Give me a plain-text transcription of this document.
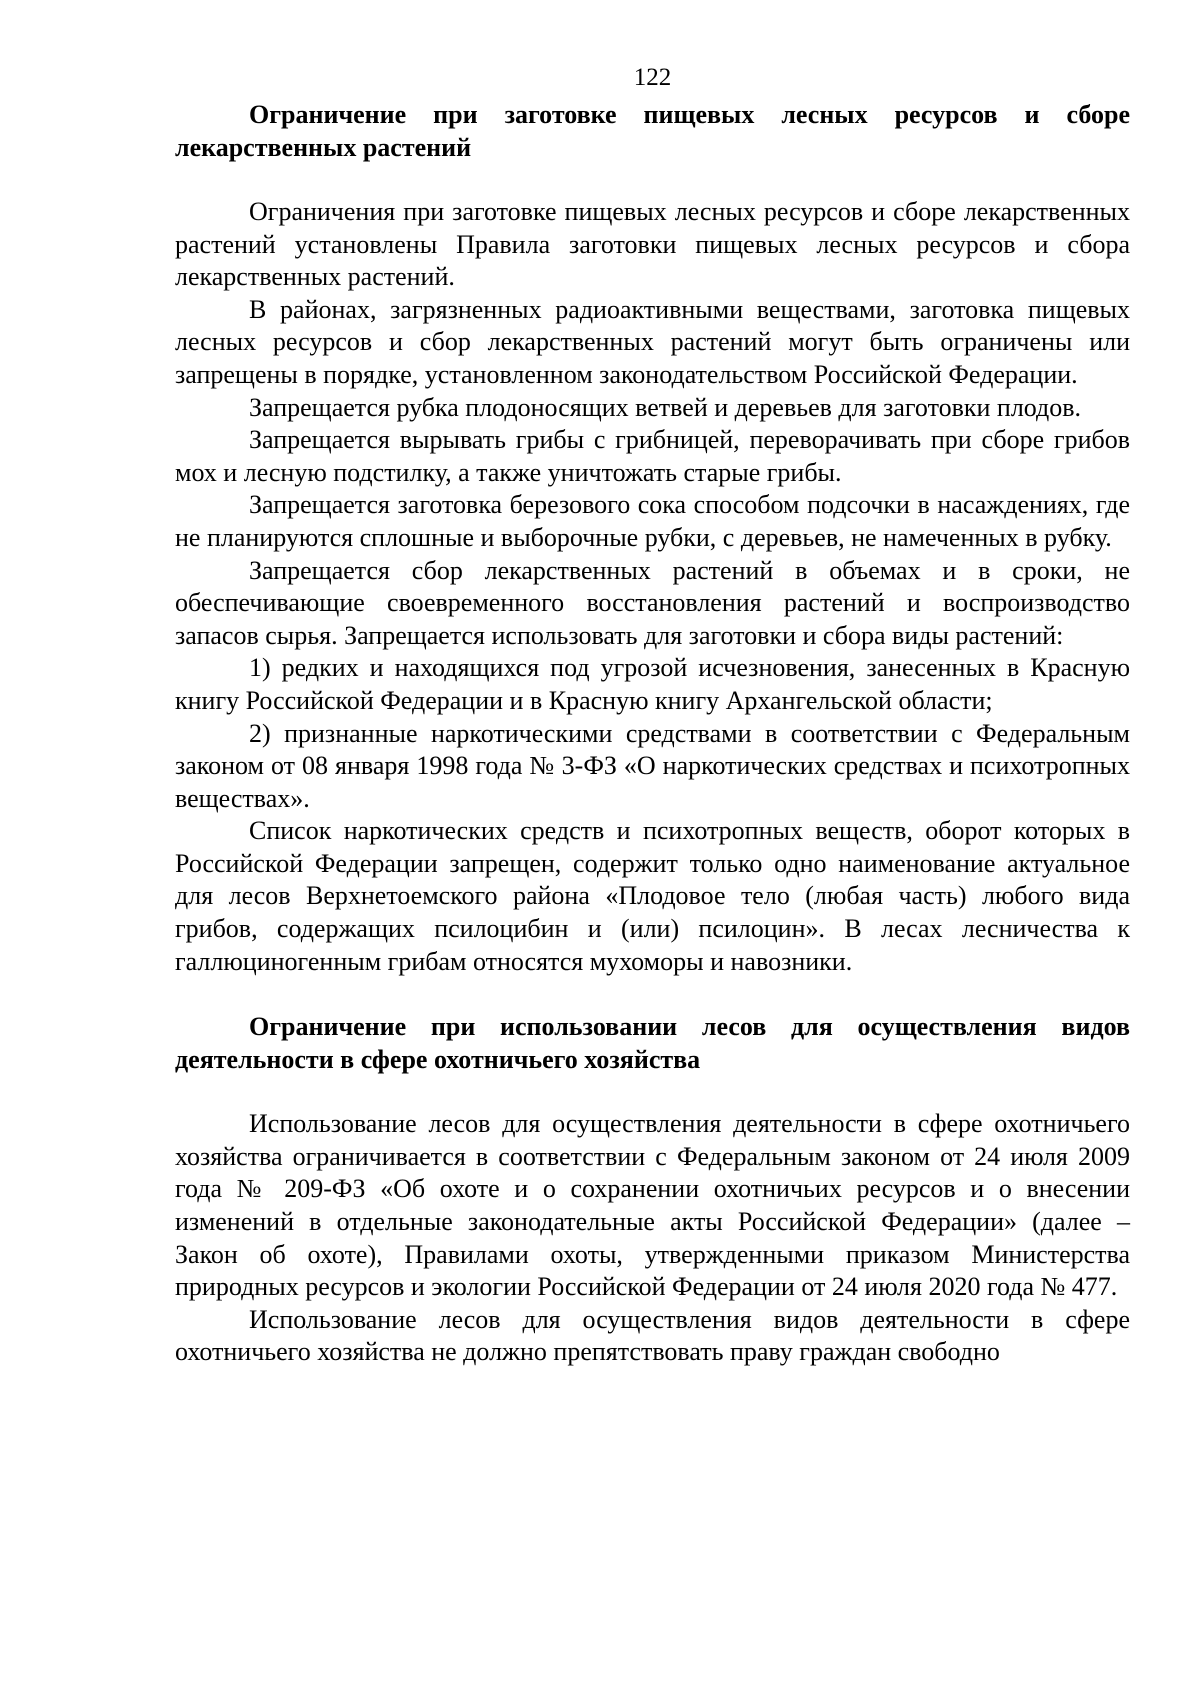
122
Ограничение при заготовке пищевых лесных ресурсов и сборе лекарственных растений

Ограничения при заготовке пищевых лесных ресурсов и сборе лекарственных растений установлены Правила заготовки пищевых лесных ресурсов и сбора лекарственных растений.

В районах, загрязненных радиоактивными веществами, заготовка пищевых лесных ресурсов и сбор лекарственных растений могут быть ограничены или запрещены в порядке, установленном законодательством Российской Федерации.

Запрещается рубка плодоносящих ветвей и деревьев для заготовки плодов.

Запрещается вырывать грибы с грибницей, переворачивать при сборе грибов мох и лесную подстилку, а также уничтожать старые грибы.

Запрещается заготовка березового сока способом подсочки в насаждениях, где не планируются сплошные и выборочные рубки, с деревьев, не намеченных в рубку.

Запрещается сбор лекарственных растений в объемах и в сроки, не обеспечивающие своевременного восстановления растений и воспроизводство запасов сырья. Запрещается использовать для заготовки и сбора виды растений:

1) редких и находящихся под угрозой исчезновения, занесенных в Красную книгу Российской Федерации и в Красную книгу Архангельской области;

2) признанные наркотическими средствами в соответствии с Федеральным законом от 08 января 1998 года № 3-ФЗ «О наркотических средствах и психотропных веществах».

Список наркотических средств и психотропных веществ, оборот которых в Российской Федерации запрещен, содержит только одно наименование актуальное для лесов Верхнетоемского района «Плодовое тело (любая часть) любого вида грибов, содержащих псилоцибин и (или) псилоцин». В лесах лесничества к галлюциногенным грибам относятся мухоморы и навозники.

Ограничение при использовании лесов для осуществления видов деятельности в сфере охотничьего хозяйства

Использование лесов для осуществления деятельности в сфере охотничьего хозяйства ограничивается в соответствии с Федеральным законом от 24 июля 2009 года № 209-ФЗ «Об охоте и о сохранении охотничьих ресурсов и о внесении изменений в отдельные законодательные акты Российской Федерации» (далее – Закон об охоте), Правилами охоты, утвержденными приказом Министерства природных ресурсов и экологии Российской Федерации от 24 июля 2020 года № 477.

Использование лесов для осуществления видов деятельности в сфере охотничьего хозяйства не должно препятствовать праву граждан свободно
